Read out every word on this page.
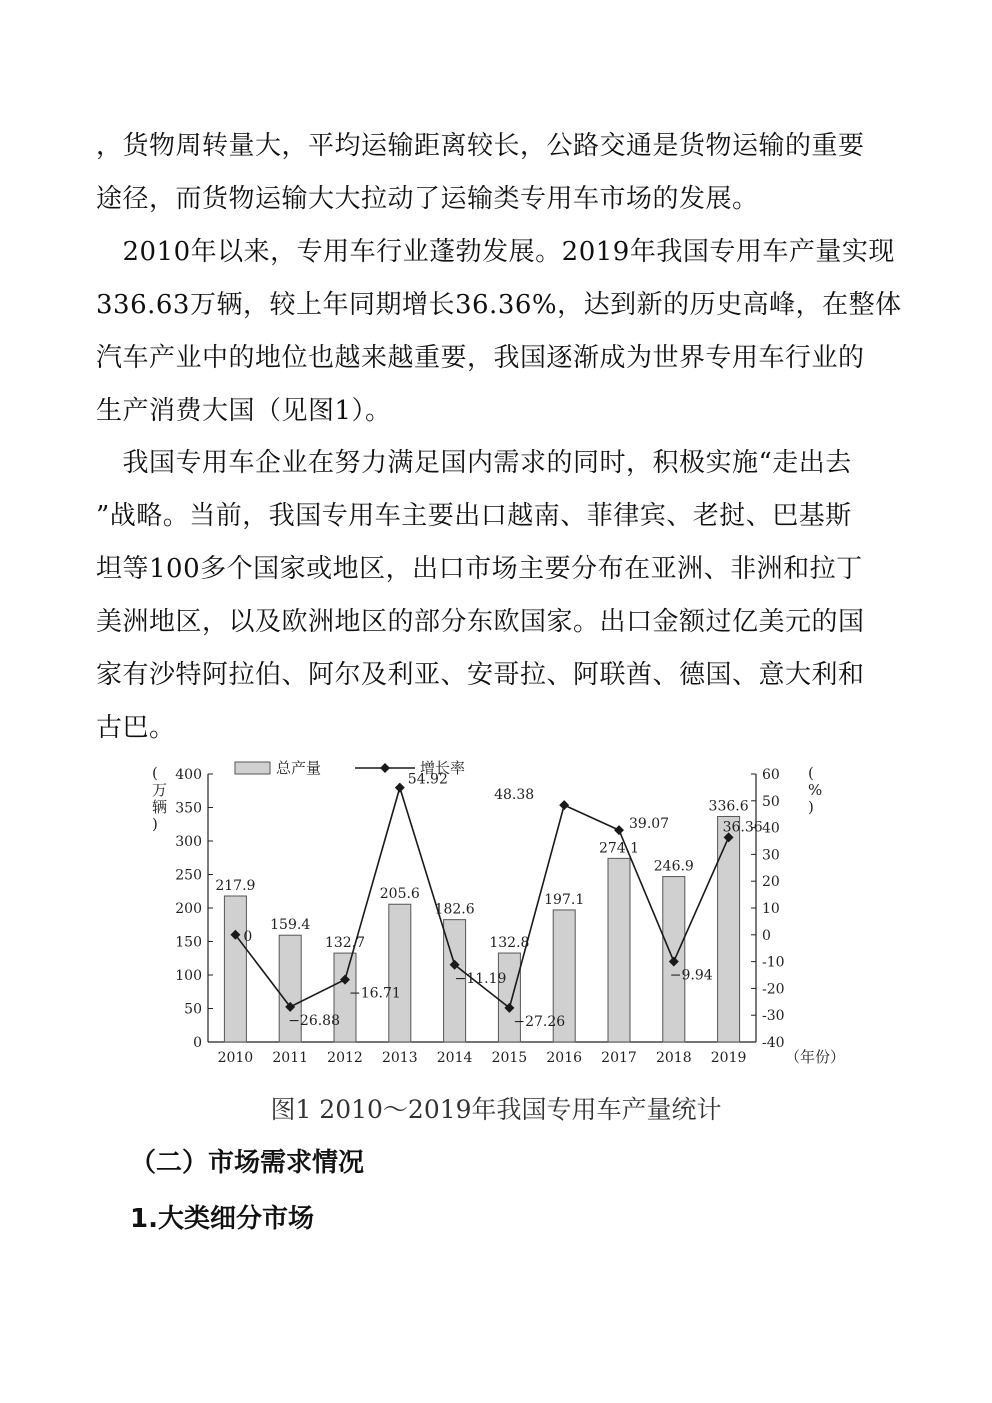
，货物周转量大，平均运输距离较长，公路交通是货物运输的重要
途径，而货物运输大大拉动了运输类专用车市场的发展。
　2010年以来，专用车行业蓬勃发展。2019年我国专用车产量实现
336.63万辆，较上年同期增长36.36%，达到新的历史高峰，在整体
汽车产业中的地位也越来越重要，我国逐渐成为世界专用车行业的
生产消费大国（见图1）。
　我国专用车企业在努力满足国内需求的同时，积极实施“走出去
”战略。当前，我国专用车主要出口越南、菲律宾、老挝、巴基斯
坦等100多个国家或地区，出口市场主要分布在亚洲、非洲和拉丁
美洲地区，以及欧洲地区的部分东欧国家。出口金额过亿美元的国
家有沙特阿拉伯、阿尔及利亚、安哥拉、阿联酋、德国、意大利和
古巴。
总产量	增长率
0
50
100
150
200
250
300
350
400
-40
-30
-20
-10
0
10
20
30
40
50
60
2010 2011 2012 2013 2014 2015 2016 2017 2018 2019
217.9
159.4
132.7
205.6
182.6
132.8
197.1
274.1
246.9
336.6
0
−26.88
−16.71
54.92
−11.19
−27.26
48.38
39.07
−9.94
36.36
(万辆)
( % )
（年份）
图1 2010～2019年我国专用车产量统计
（二）市场需求情况
1.大类细分市场
